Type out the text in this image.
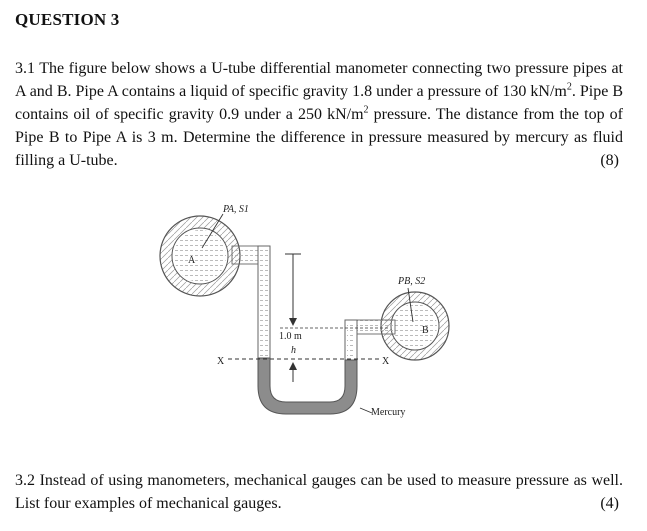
QUESTION 3
3.1 The figure below shows a U-tube differential manometer connecting two pressure pipes at A and B. Pipe A contains a liquid of specific gravity 1.8 under a pressure of 130 $kN/m^2$. Pipe B contains oil of specific gravity 0.9 under a 250 $kN/m^2$ pressure. The distance from the top of Pipe B to Pipe A is 3 m. Determine the difference in pressure measured by mercury as fluid filling a U-tube.	(8)
A
B
1.0 m
h
X	X
PA, S1
PB, S2
Mercury
3.2 Instead of using manometers, mechanical gauges can be used to measure pressure as well. List four examples of mechanical gauges.	(4)
